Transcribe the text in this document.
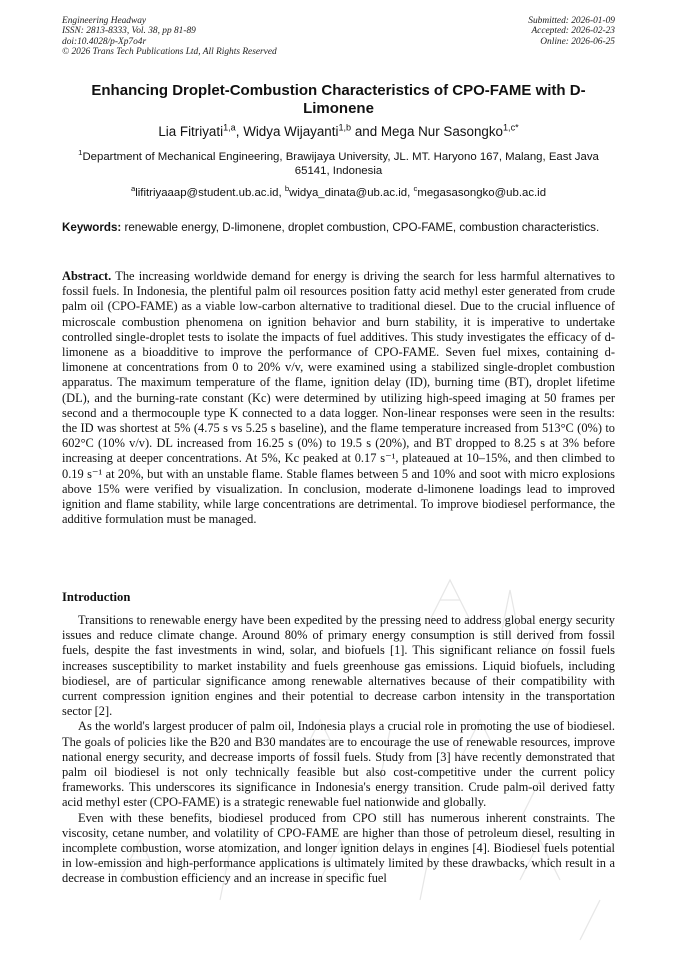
Engineering Headway
ISSN: 2813-8333, Vol. 38, pp 81-89
doi:10.4028/p-Xp7o4r
© 2026 Trans Tech Publications Ltd, All Rights Reserved
Submitted: 2026-01-09
Accepted: 2026-02-23
Online: 2026-06-25
Enhancing Droplet-Combustion Characteristics of CPO-FAME with D-Limonene
Lia Fitriyati$^{1,a}$, Widya Wijayanti$^{1,b}$ and Mega Nur Sasongko$^{1,c*}$
$^1$Department of Mechanical Engineering, Brawijaya University, JL. MT. Haryono 167, Malang, East Java 65141, Indonesia
$^a$lifitriyaaap@student.ub.ac.id, $^b$widya_dinata@ub.ac.id, $^c$megasasongko@ub.ac.id
Keywords: renewable energy, D-limonene, droplet combustion, CPO-FAME, combustion characteristics.
Abstract. The increasing worldwide demand for energy is driving the search for less harmful alternatives to fossil fuels. In Indonesia, the plentiful palm oil resources position fatty acid methyl ester generated from crude palm oil (CPO-FAME) as a viable low-carbon alternative to traditional diesel. Due to the crucial influence of microscale combustion phenomena on ignition behavior and burn stability, it is imperative to undertake controlled single-droplet tests to isolate the impacts of fuel additives. This study investigates the efficacy of d-limonene as a bioadditive to improve the performance of CPO-FAME. Seven fuel mixes, containing d-limonene at concentrations from 0 to 20% v/v, were examined using a stabilized single-droplet combustion apparatus. The maximum temperature of the flame, ignition delay (ID), burning time (BT), droplet lifetime (DL), and the burning-rate constant (Kc) were determined by utilizing high-speed imaging at 50 frames per second and a thermocouple type K connected to a data logger. Non-linear responses were seen in the results: the ID was shortest at 5% (4.75 s vs 5.25 s baseline), and the flame temperature increased from 513°C (0%) to 602°C (10% v/v). DL increased from 16.25 s (0%) to 19.5 s (20%), and BT dropped to 8.25 s at 3% before increasing at deeper concentrations. At 5%, Kc peaked at 0.17 s⁻¹, plateaued at 10–15%, and then climbed to 0.19 s⁻¹ at 20%, but with an unstable flame. Stable flames between 5 and 10% and soot with micro explosions above 15% were verified by visualization. In conclusion, moderate d-limonene loadings lead to improved ignition and flame stability, while large concentrations are detrimental. To improve biodiesel performance, the additive formulation must be managed.
Introduction

Transitions to renewable energy have been expedited by the pressing need to address global energy security issues and reduce climate change. Around 80% of primary energy consumption is still derived from fossil fuels, despite the fast investments in wind, solar, and biofuels [1]. This significant reliance on fossil fuels increases susceptibility to market instability and fuels greenhouse gas emissions. Liquid biofuels, including biodiesel, are of particular significance among renewable alternatives because of their compatibility with current compression ignition engines and their potential to decrease carbon intensity in the transportation sector [2].

As the world's largest producer of palm oil, Indonesia plays a crucial role in promoting the use of biodiesel. The goals of policies like the B20 and B30 mandates are to encourage the use of renewable resources, improve national energy security, and decrease imports of fossil fuels. Study from [3] have recently demonstrated that palm oil biodiesel is not only technically feasible but also cost-competitive under the current policy frameworks. This underscores its significance in Indonesia's energy transition. Crude palm-oil derived fatty acid methyl ester (CPO-FAME) is a strategic renewable fuel nationwide and globally.

Even with these benefits, biodiesel produced from CPO still has numerous inherent constraints. The viscosity, cetane number, and volatility of CPO-FAME are higher than those of petroleum diesel, resulting in incomplete combustion, worse atomization, and longer ignition delays in engines [4]. Biodiesel fuels potential in low-emission and high-performance applications is ultimately limited by these drawbacks, which result in a decrease in combustion efficiency and an increase in specific fuel
